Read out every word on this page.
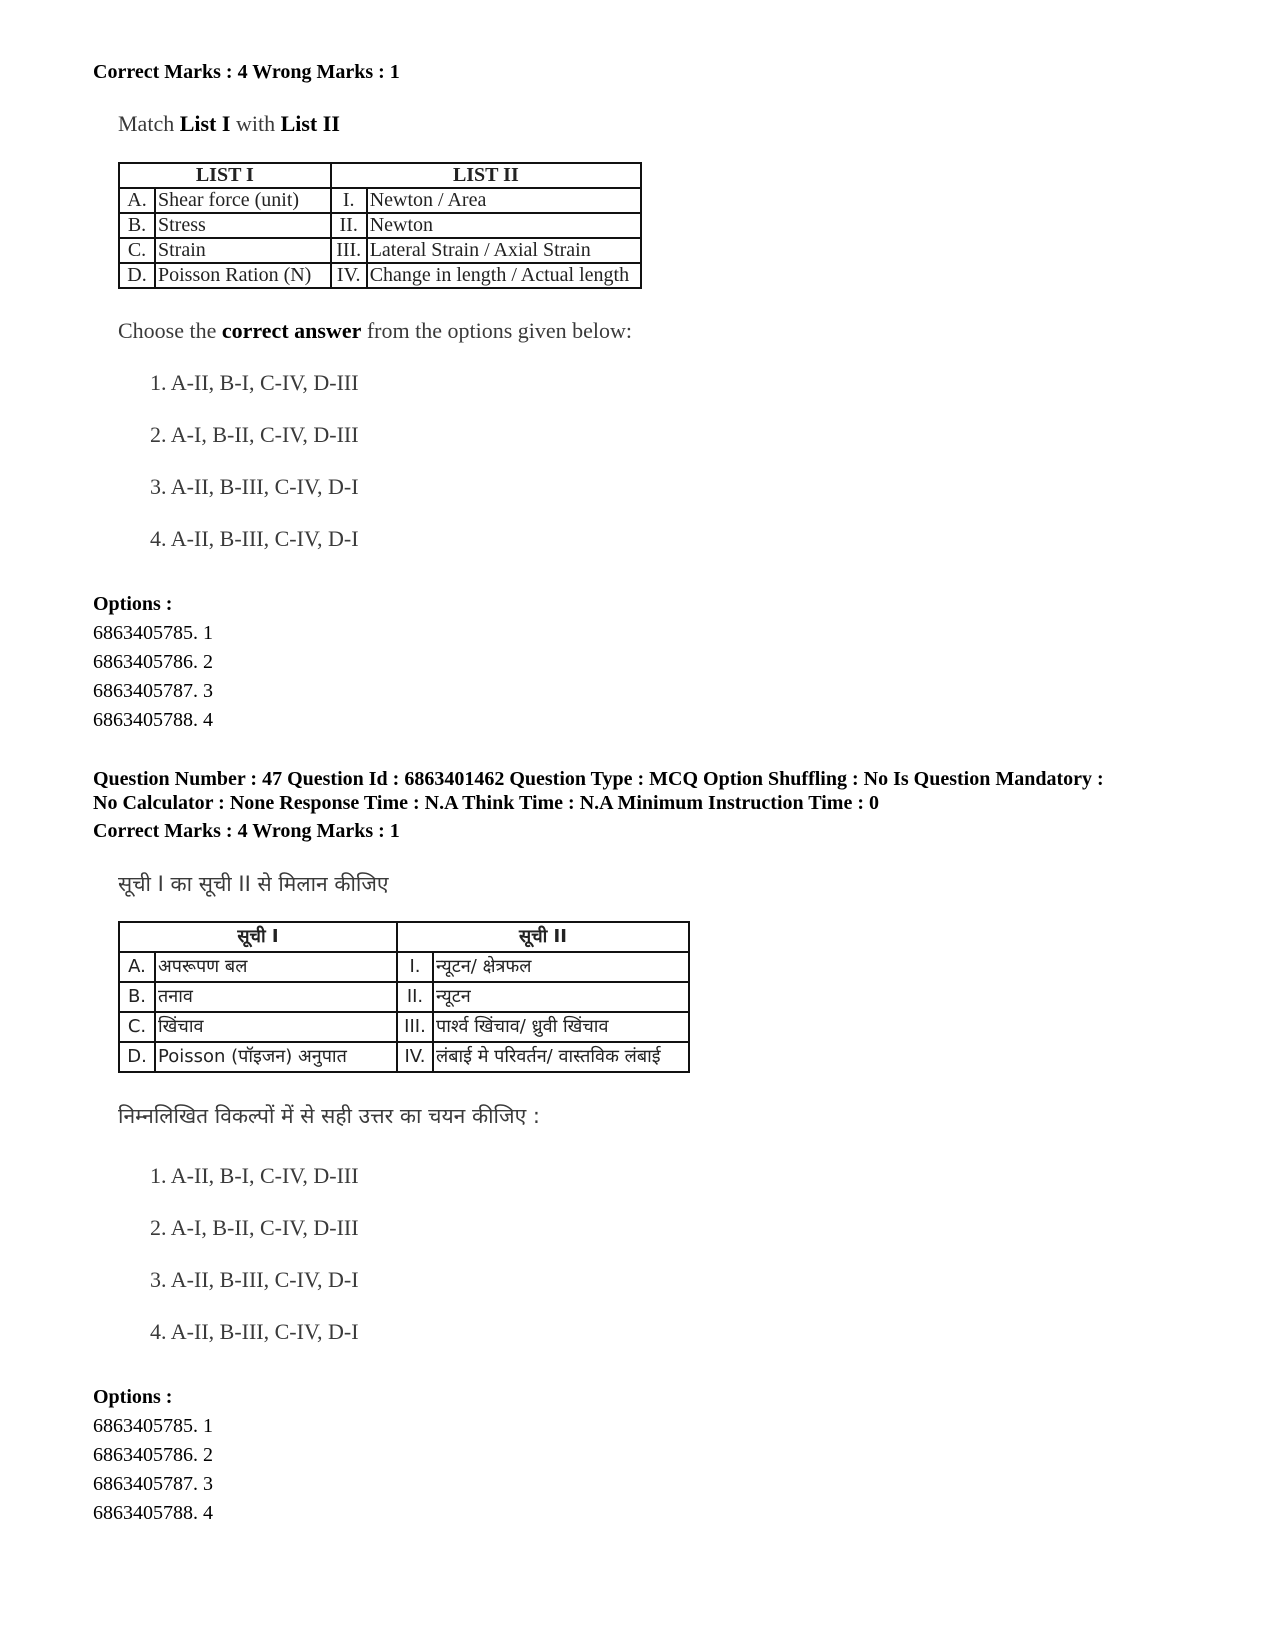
Correct Marks : 4 Wrong Marks : 1
Match List I with List II
LIST I		LIST II	
A.	Shear force (unit)	I.	Newton / Area
B.	Stress	II.	Newton
C.	Strain	III.	Lateral Strain / Axial Strain
D.	Poisson Ration (N)	IV.	Change in length / Actual length
Choose the correct answer from the options given below:
1. A-II, B-I, C-IV, D-III
2. A-I, B-II, C-IV, D-III
3. A-II, B-III, C-IV, D-I
4. A-II, B-III, C-IV, D-I
Options :
6863405785. 1
6863405786. 2
6863405787. 3
6863405788. 4
Question Number : 47 Question Id : 6863401462 Question Type : MCQ Option Shuffling : No Is Question Mandatory :
No Calculator : None Response Time : N.A Think Time : N.A Minimum Instruction Time : 0
Correct Marks : 4 Wrong Marks : 1
सूची I का सूची II से मिलान कीजिए
सूची I		सूची II	
A.	अपरूपण बल	I.	न्यूटन/ क्षेत्रफल
B.	तनाव	II.	न्यूटन
C.	खिंचाव	III.	पार्श्व खिंचाव/ ध्रुवी खिंचाव
D.	Poisson (पॉइजन) अनुपात	IV.	लंबाई मे परिवर्तन/ वास्तविक लंबाई
निम्नलिखित विकल्पों में से सही उत्तर का चयन कीजिए :
1. A-II, B-I, C-IV, D-III
2. A-I, B-II, C-IV, D-III
3. A-II, B-III, C-IV, D-I
4. A-II, B-III, C-IV, D-I
Options :
6863405785. 1
6863405786. 2
6863405787. 3
6863405788. 4
